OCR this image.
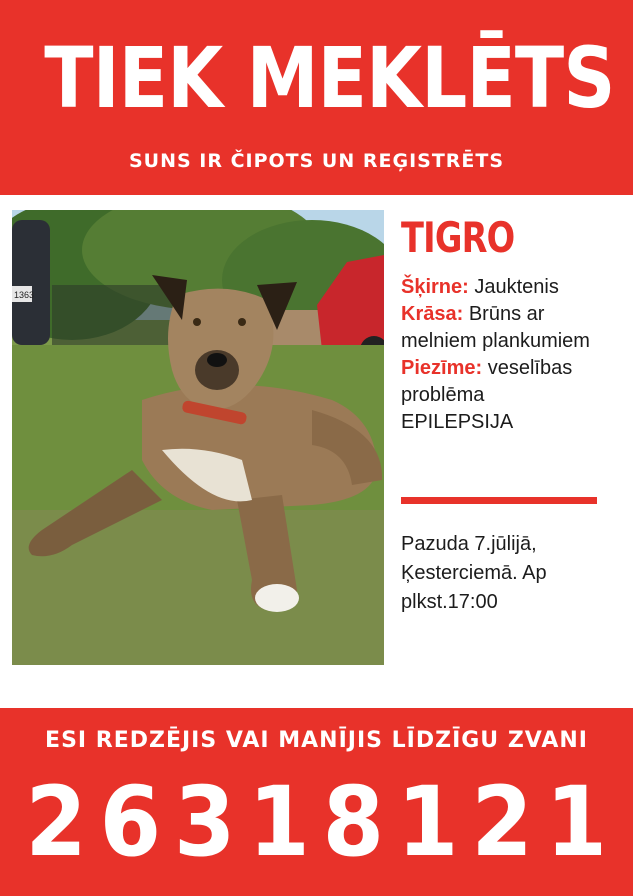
TIEK MEKLĒTS
SUNS IR ČIPOTS UN REĢISTRĒTS
1363
TIGRO

Šķirne: Jauktenis

Krāsa: Brūns ar melniem plankumiem

Piezīme: veselības problēma EPILEPSIJA

Pazuda 7.jūlijā, Ķesterciemā. Ap plkst.17:00
ESI REDZĒJIS VAI MANĪJIS LĪDZĪGU ZVANI
26318121
